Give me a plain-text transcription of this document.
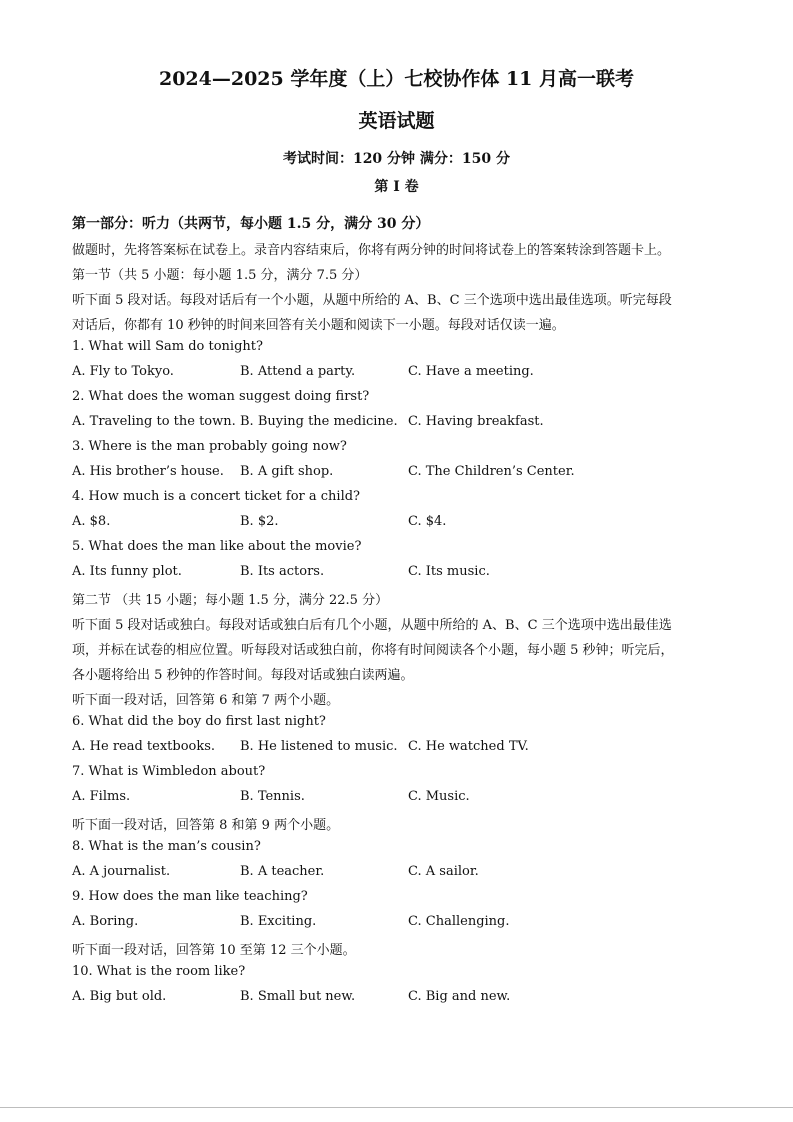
2024—2025 学年度（上）七校协作体 11 月高一联考
英语试题
考试时间：120 分钟 满分：150 分
第 I 卷
第一部分：听力（共两节，每小题 1.5 分，满分 30 分）
做题时，先将答案标在试卷上。录音内容结束后，你将有两分钟的时间将试卷上的答案转涂到答题卡上。
第一节（共 5 小题：每小题 1.5 分，满分 7.5 分）
听下面 5 段对话。每段对话后有一个小题，从题中所给的 A、B、C 三个选项中选出最佳选项。听完每段
对话后，你都有 10 秒钟的时间来回答有关小题和阅读下一小题。每段对话仅读一遍。
1. What will Sam do tonight?
A. Fly to Tokyo.	B. Attend a party.	C. Have a meeting.
2. What does the woman suggest doing first?
A. Traveling to the town. B. Buying the medicine. C. Having breakfast.
3. Where is the man probably going now?
A. His brother’s house. B. A gift shop.	C. The Children’s Center.
4. How much is a concert ticket for a child?
A. $8.	B. $2.	C. $4.
5. What does the man like about the movie?
A. Its funny plot.	B. Its actors.	C. Its music.
第二节 （共 15 小题；每小题 1.5 分，满分 22.5 分）
听下面 5 段对话或独白。每段对话或独白后有几个小题，从题中所给的 A、B、C 三个选项中选出最佳选
项，并标在试卷的相应位置。听每段对话或独白前，你将有时间阅读各个小题，每小题 5 秒钟；听完后，
各小题将给出 5 秒钟的作答时间。每段对话或独白读两遍。
听下面一段对话，回答第 6 和第 7 两个小题。
6. What did the boy do first last night?
A. He read textbooks. B. He listened to music. C. He watched TV.
7. What is Wimbledon about?
A. Films.	B. Tennis.	C. Music.
听下面一段对话，回答第 8 和第 9 两个小题。
8. What is the man’s cousin?
A. A journalist.	B. A teacher.	C. A sailor.
9. How does the man like teaching?
A. Boring.	B. Exciting.	C. Challenging.
听下面一段对话，回答第 10 至第 12 三个小题。
10. What is the room like?
A. Big but old.	B. Small but new.	C. Big and new.
